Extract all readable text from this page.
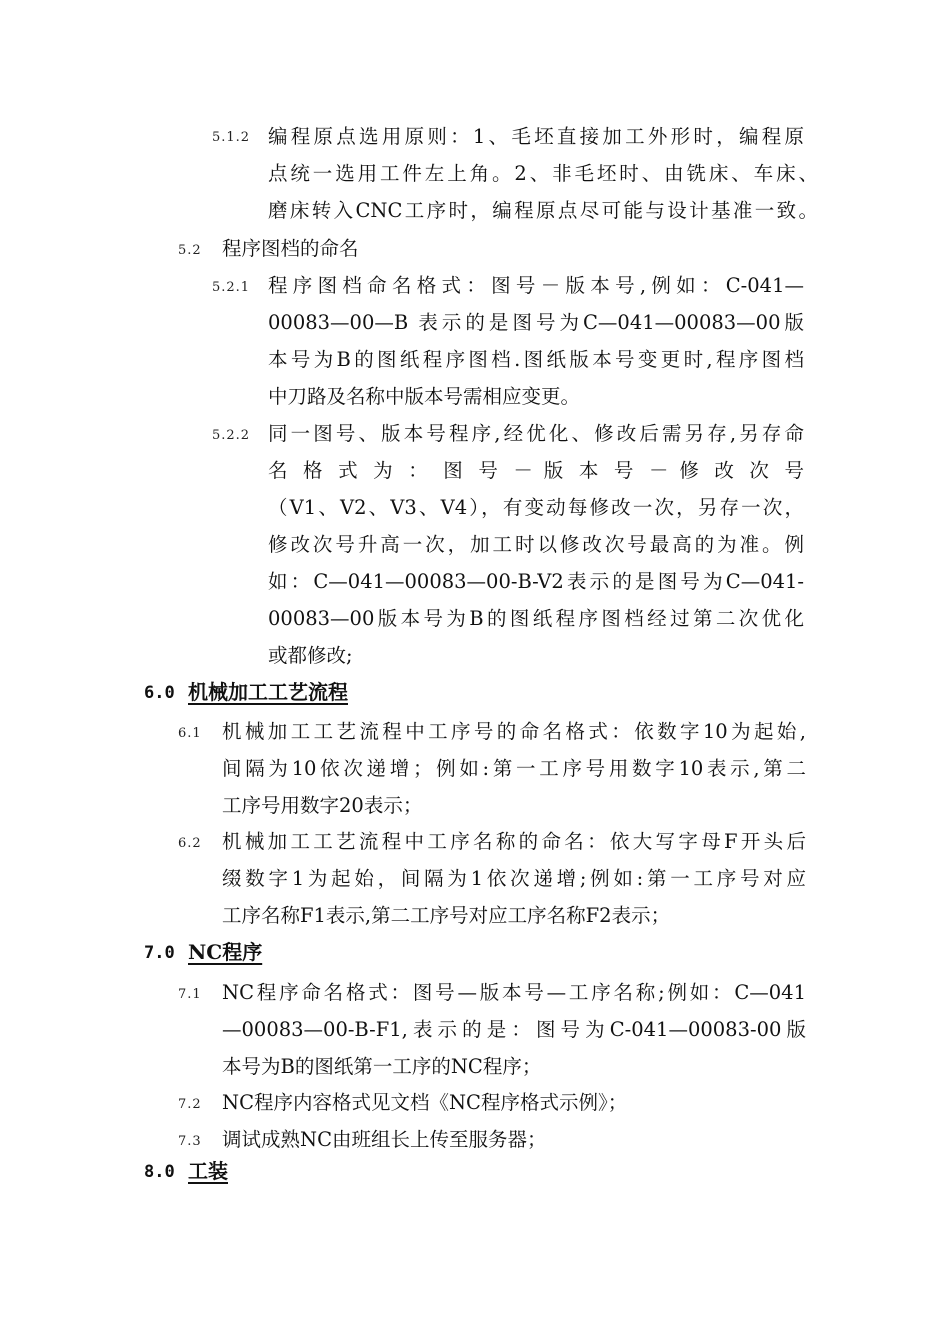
5.1.2 编程原点选用原则：1、毛坯直接加工外形时，编程原
点统一选用工件左上角。2、非毛坯时、由铣床、车床、
磨床转入CNC工序时，编程原点尽可能与设计基准一致。
5.2 程序图档的命名
5.2.1 程序图档命名格式：图号－版本号,例如：C-041—
00083—00—B 表示的是图号为C—041—00083—00版
本号为B的图纸程序图档.图纸版本号变更时,程序图档
中刀路及名称中版本号需相应变更。
5.2.2 同一图号、版本号程序,经优化、修改后需另存,另存命
名 格 式 为 ： 图 号 － 版 本 号 － 修 改 次 号
（V1、V2、V3、V4），有变动每修改一次，另存一次，
修改次号升高一次，加工时以修改次号最高的为准。例
如：C—041—00083—00-B-V2表示的是图号为C—041-
00083—00版本号为B的图纸程序图档经过第二次优化
或都修改;
6.0 机械加工工艺流程
6.1 机械加工工艺流程中工序号的命名格式：依数字10为起始,
间隔为10依次递增；例如:第一工序号用数字10表示,第二
工序号用数字20表示；
6.2 机械加工工艺流程中工序名称的命名：依大写字母F开头后
缀数字1为起始，间隔为1依次递增;例如:第一工序号对应
工序名称F1表示,第二工序号对应工序名称F2表示；
7.0 NC程序
7.1 NC程序命名格式：图号—版本号—工序名称;例如：C—041
—00083—00-B-F1,表示的是：图号为C-041—00083-00版
本号为B的图纸第一工序的NC程序；
7.2 NC程序内容格式见文档《NC程序格式示例》；
7.3 调试成熟NC由班组长上传至服务器；
8.0 工装
